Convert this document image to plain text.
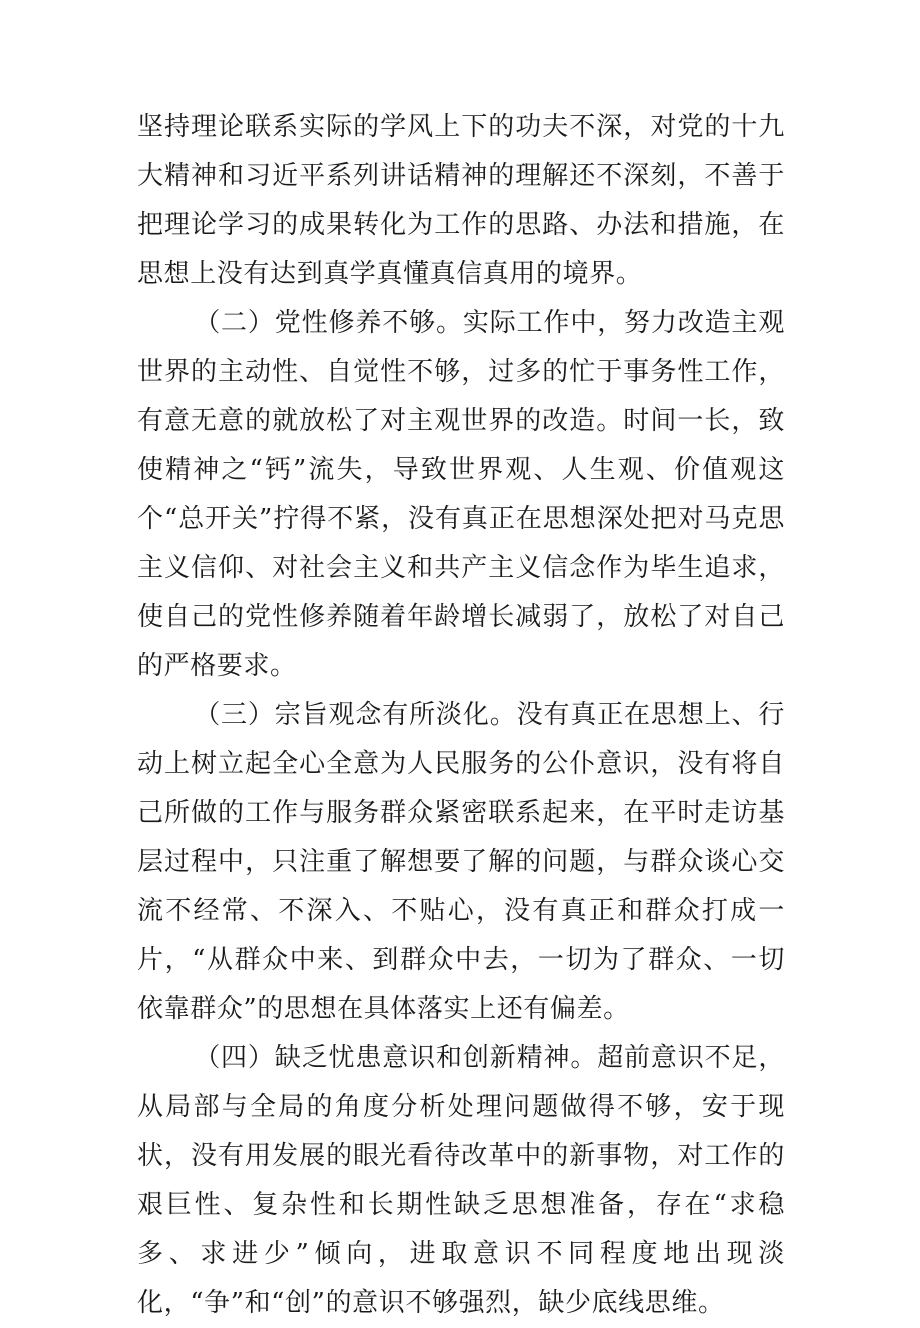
坚持理论联系实际的学风上下的功夫不深，对党的十九大精神和习近平系列讲话精神的理解还不深刻，不善于把理论学习的成果转化为工作的思路、办法和措施，在思想上没有达到真学真懂真信真用的境界。

（二）党性修养不够。实际工作中，努力改造主观世界的主动性、自觉性不够，过多的忙于事务性工作，有意无意的就放松了对主观世界的改造。时间一长，致使精神之“钙”流失，导致世界观、人生观、价值观这个“总开关”拧得不紧，没有真正在思想深处把对马克思主义信仰、对社会主义和共产主义信念作为毕生追求，使自己的党性修养随着年龄增长减弱了，放松了对自己的严格要求。

（三）宗旨观念有所淡化。没有真正在思想上、行动上树立起全心全意为人民服务的公仆意识，没有将自己所做的工作与服务群众紧密联系起来，在平时走访基层过程中，只注重了解想要了解的问题，与群众谈心交流不经常、不深入、不贴心，没有真正和群众打成一片，“从群众中来、到群众中去，一切为了群众、一切依靠群众”的思想在具体落实上还有偏差。

（四）缺乏忧患意识和创新精神。超前意识不足，从局部与全局的角度分析处理问题做得不够，安于现状，没有用发展的眼光看待改革中的新事物，对工作的艰巨性、复杂性和长期性缺乏思想准备，存在“求稳多、求进少”倾向，进取意识不同程度地出现淡化，“争”和“创”的意识不够强烈，缺少底线思维。
